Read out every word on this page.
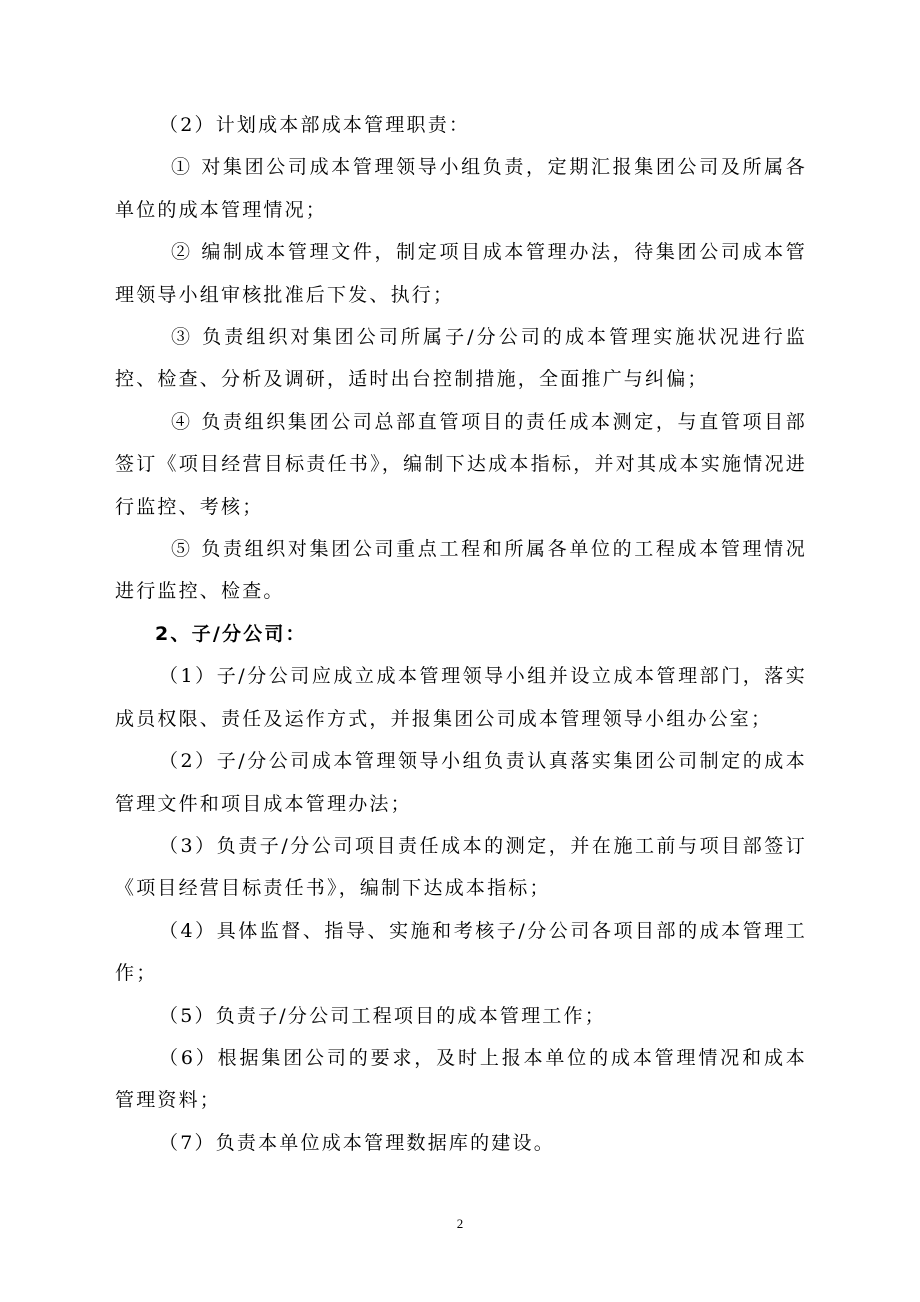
（2）计划成本部成本管理职责：

① 对集团公司成本管理领导小组负责，定期汇报集团公司及所属各单位的成本管理情况；

② 编制成本管理文件，制定项目成本管理办法，待集团公司成本管理领导小组审核批准后下发、执行；

③ 负责组织对集团公司所属子/分公司的成本管理实施状况进行监控、检查、分析及调研，适时出台控制措施，全面推广与纠偏；

④ 负责组织集团公司总部直管项目的责任成本测定，与直管项目部签订《项目经营目标责任书》，编制下达成本指标，并对其成本实施情况进行监控、考核；

⑤ 负责组织对集团公司重点工程和所属各单位的工程成本管理情况进行监控、检查。

2、子/分公司：

（1）子/分公司应成立成本管理领导小组并设立成本管理部门，落实成员权限、责任及运作方式，并报集团公司成本管理领导小组办公室；

（2）子/分公司成本管理领导小组负责认真落实集团公司制定的成本管理文件和项目成本管理办法；

（3）负责子/分公司项目责任成本的测定，并在施工前与项目部签订《项目经营目标责任书》，编制下达成本指标；

（4）具体监督、指导、实施和考核子/分公司各项目部的成本管理工作；

（5）负责子/分公司工程项目的成本管理工作；

（6）根据集团公司的要求，及时上报本单位的成本管理情况和成本管理资料；

（7）负责本单位成本管理数据库的建设。

2
